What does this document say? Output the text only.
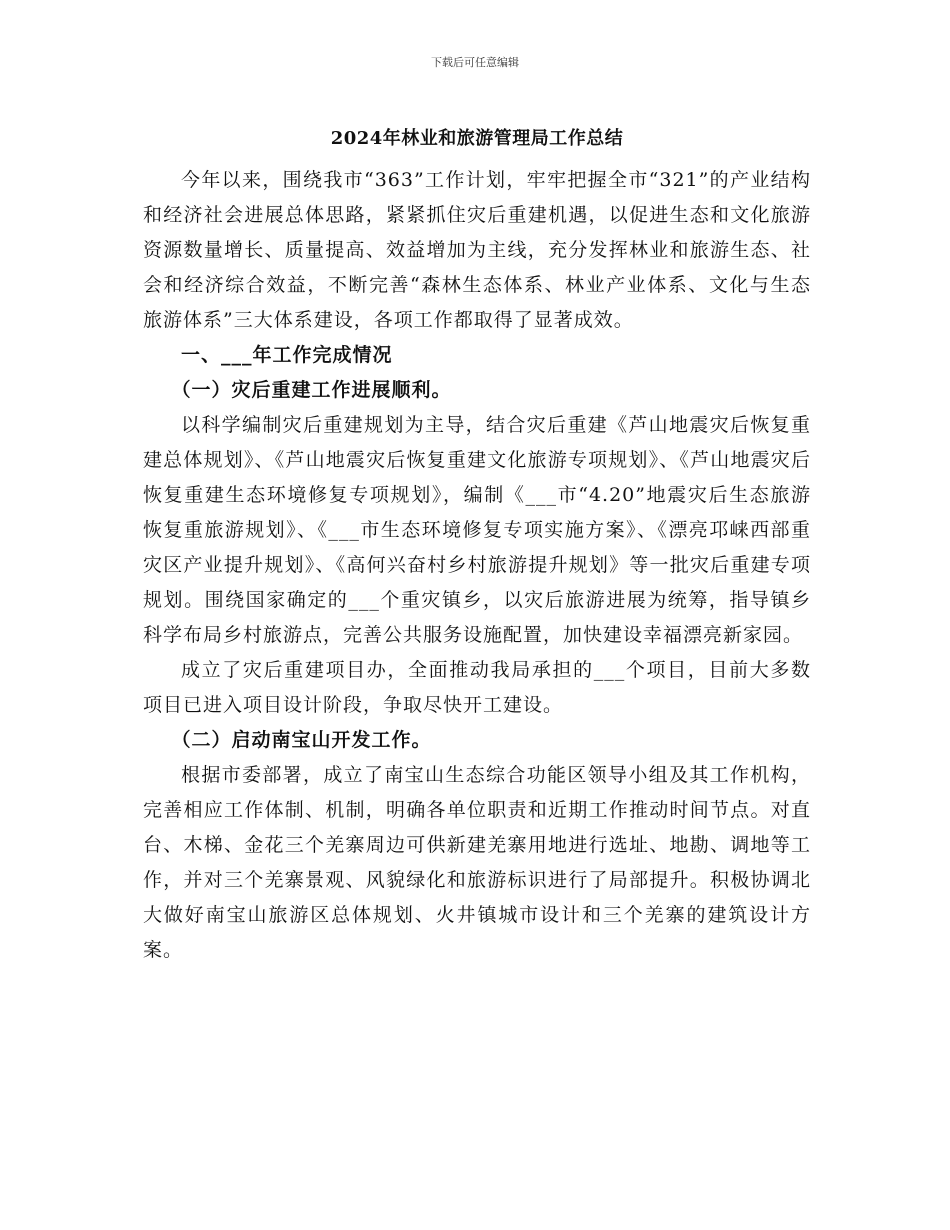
下载后可任意编辑
2024年林业和旅游管理局工作总结

今年以来，围绕我市“363”工作计划，牢牢把握全市“321”的产业结构和经济社会进展总体思路，紧紧抓住灾后重建机遇，以促进生态和文化旅游资源数量增长、质量提高、效益增加为主线，充分发挥林业和旅游生态、社会和经济综合效益，不断完善“森林生态体系、林业产业体系、文化与生态旅游体系”三大体系建设，各项工作都取得了显著成效。

一、___年工作完成情况

（一）灾后重建工作进展顺利。

以科学编制灾后重建规划为主导，结合灾后重建《芦山地震灾后恢复重建总体规划》、《芦山地震灾后恢复重建文化旅游专项规划》、《芦山地震灾后恢复重建生态环境修复专项规划》，编制《___市“4.20”地震灾后生态旅游恢复重旅游规划》、《___市生态环境修复专项实施方案》、《漂亮邛崃西部重灾区产业提升规划》、《高何兴奋村乡村旅游提升规划》等一批灾后重建专项规划。围绕国家确定的___个重灾镇乡，以灾后旅游进展为统筹，指导镇乡科学布局乡村旅游点，完善公共服务设施配置，加快建设幸福漂亮新家园。

成立了灾后重建项目办，全面推动我局承担的___个项目，目前大多数项目已进入项目设计阶段，争取尽快开工建设。

（二）启动南宝山开发工作。

根据市委部署，成立了南宝山生态综合功能区领导小组及其工作机构，完善相应工作体制、机制，明确各单位职责和近期工作推动时间节点。对直台、木梯、金花三个羌寨周边可供新建羌寨用地进行选址、地勘、调地等工作，并对三个羌寨景观、风貌绿化和旅游标识进行了局部提升。积极协调北大做好南宝山旅游区总体规划、火井镇城市设计和三个羌寨的建筑设计方案。
